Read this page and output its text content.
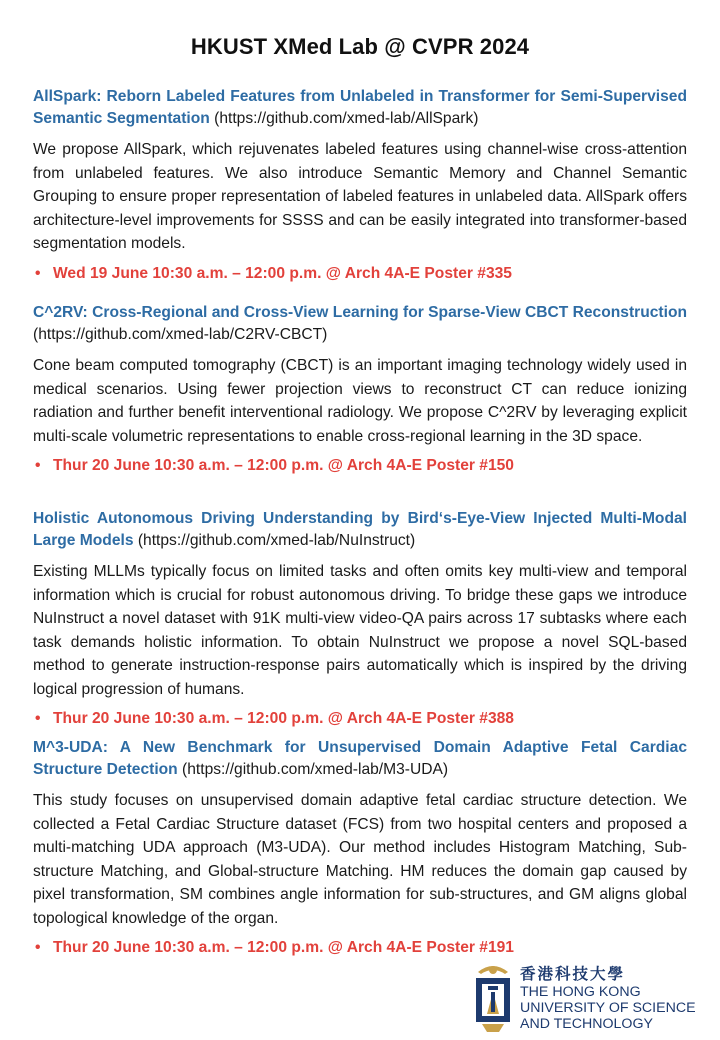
HKUST XMed Lab @ CVPR 2024

AllSpark: Reborn Labeled Features from Unlabeled in Transformer for Semi-Supervised Semantic Segmentation (https://github.com/xmed-lab/AllSpark)

We propose AllSpark, which rejuvenates labeled features using channel-wise cross-attention from unlabeled features. We also introduce Semantic Memory and Channel Semantic Grouping to ensure proper representation of labeled features in unlabeled data. AllSpark offers architecture-level improvements for SSSS and can be easily integrated into transformer-based segmentation models.

• Wed 19 June 10:30 a.m. – 12:00 p.m. @ Arch 4A-E Poster #335

C^2RV: Cross-Regional and Cross-View Learning for Sparse-View CBCT Reconstruction (https://github.com/xmed-lab/C2RV-CBCT)

Cone beam computed tomography (CBCT) is an important imaging technology widely used in medical scenarios. Using fewer projection views to reconstruct CT can reduce ionizing radiation and further benefit interventional radiology. We propose C^2RV by leveraging explicit multi-scale volumetric representations to enable cross-regional learning in the 3D space.

• Thur 20 June 10:30 a.m. – 12:00 p.m. @ Arch 4A-E Poster #150

Holistic Autonomous Driving Understanding by Bird‘s-Eye-View Injected Multi-Modal Large Models (https://github.com/xmed-lab/NuInstruct)

Existing MLLMs typically focus on limited tasks and often omits key multi-view and temporal information which is crucial for robust autonomous driving. To bridge these gaps we introduce NuInstruct a novel dataset with 91K multi-view video-QA pairs across 17 subtasks where each task demands holistic information. To obtain NuInstruct we propose a novel SQL-based method to generate instruction-response pairs automatically which is inspired by the driving logical progression of humans.

• Thur 20 June 10:30 a.m. – 12:00 p.m. @ Arch 4A-E Poster #388

M^3-UDA: A New Benchmark for Unsupervised Domain Adaptive Fetal Cardiac Structure Detection (https://github.com/xmed-lab/M3-UDA)

This study focuses on unsupervised domain adaptive fetal cardiac structure detection. We collected a Fetal Cardiac Structure dataset (FCS) from two hospital centers and proposed a multi-matching UDA approach (M3-UDA). Our method includes Histogram Matching, Sub-structure Matching, and Global-structure Matching. HM reduces the domain gap caused by pixel transformation, SM combines angle information for sub-structures, and GM aligns global topological knowledge of the organ.

• Thur 20 June 10:30 a.m. – 12:00 p.m. @ Arch 4A-E Poster #191
香港科技大學
THE HONG KONG
UNIVERSITY OF SCIENCE
AND TECHNOLOGY
